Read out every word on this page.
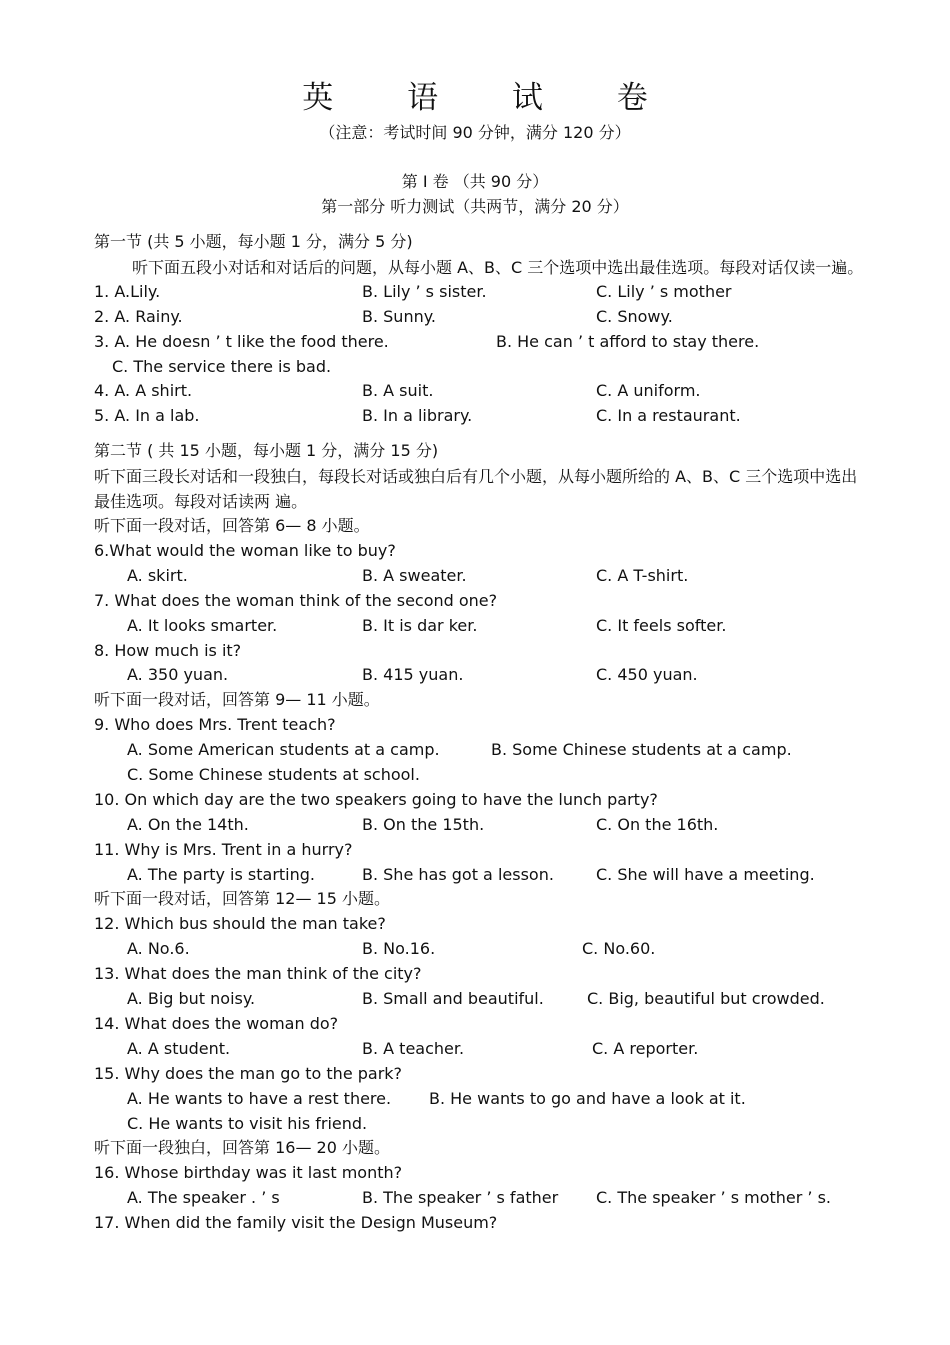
英 语 试 卷
（注意：考试时间 90 分钟，满分 120 分）
第 I 卷 （共 90 分）
第一部分 听力测试（共两节，满分 20 分）
第一节 (共 5 小题，每小题 1 分，满分 5 分)
听下面五段小对话和对话后的问题，从每小题 A、B、C 三个选项中选出最佳选项。每段对话仅读一遍。
1. A.Lily.	B. Lily ’ s sister.	C. Lily ’ s mother
2. A. Rainy.	B. Sunny.	C. Snowy.
3. A. He doesn ’ t like the food there.	B. He can ’ t afford to stay there.
C. The service there is bad.
4. A. A shirt.	B. A suit.	C. A uniform.
5. A. In a lab.	B. In a library.	C. In a restaurant.
第二节 ( 共 15 小题，每小题 1 分，满分 15 分)
听下面三段长对话和一段独白，每段长对话或独白后有几个小题，从每小题所给的 A、B、C 三个选项中选出最佳选项。每段对话读两 遍。
听下面一段对话，回答第 6— 8 小题。
6.What would the woman like to buy?
A. skirt.	B. A sweater.	C. A T-shirt.
7. What does the woman think of the second one?
A. It looks smarter.	B. It is dar ker.	C. It feels softer.
8. How much is it?
A. 350 yuan.	B. 415 yuan.	C. 450 yuan.
听下面一段对话，回答第 9— 11 小题。
9. Who does Mrs. Trent teach?
A. Some American students at a camp.	B. Some Chinese students at a camp.
C. Some Chinese students at school.
10. On which day are the two speakers going to have the lunch party?
A. On the 14th.	B. On the 15th.	C. On the 16th.
11. Why is Mrs. Trent in a hurry?
A. The party is starting.	B. She has got a lesson.	C. She will have a meeting.
听下面一段对话，回答第 12— 15 小题。
12. Which bus should the man take?
A. No.6.	B. No.16.	C. No.60.
13. What does the man think of the city?
A. Big but noisy.	B. Small and beautiful.	C. Big, beautiful but crowded.
14. What does the woman do?
A. A student.	B. A teacher.	C. A reporter.
15. Why does the man go to the park?
A. He wants to have a rest there. B. He wants to go and have a look at it.
C. He wants to visit his friend.
听下面一段独白，回答第 16— 20 小题。
16. Whose birthday was it last month?
A. The speaker . ’ s	B. The speaker ’ s father C. The speaker ’ s mother ’ s.
17. When did the family visit the Design Museum?
